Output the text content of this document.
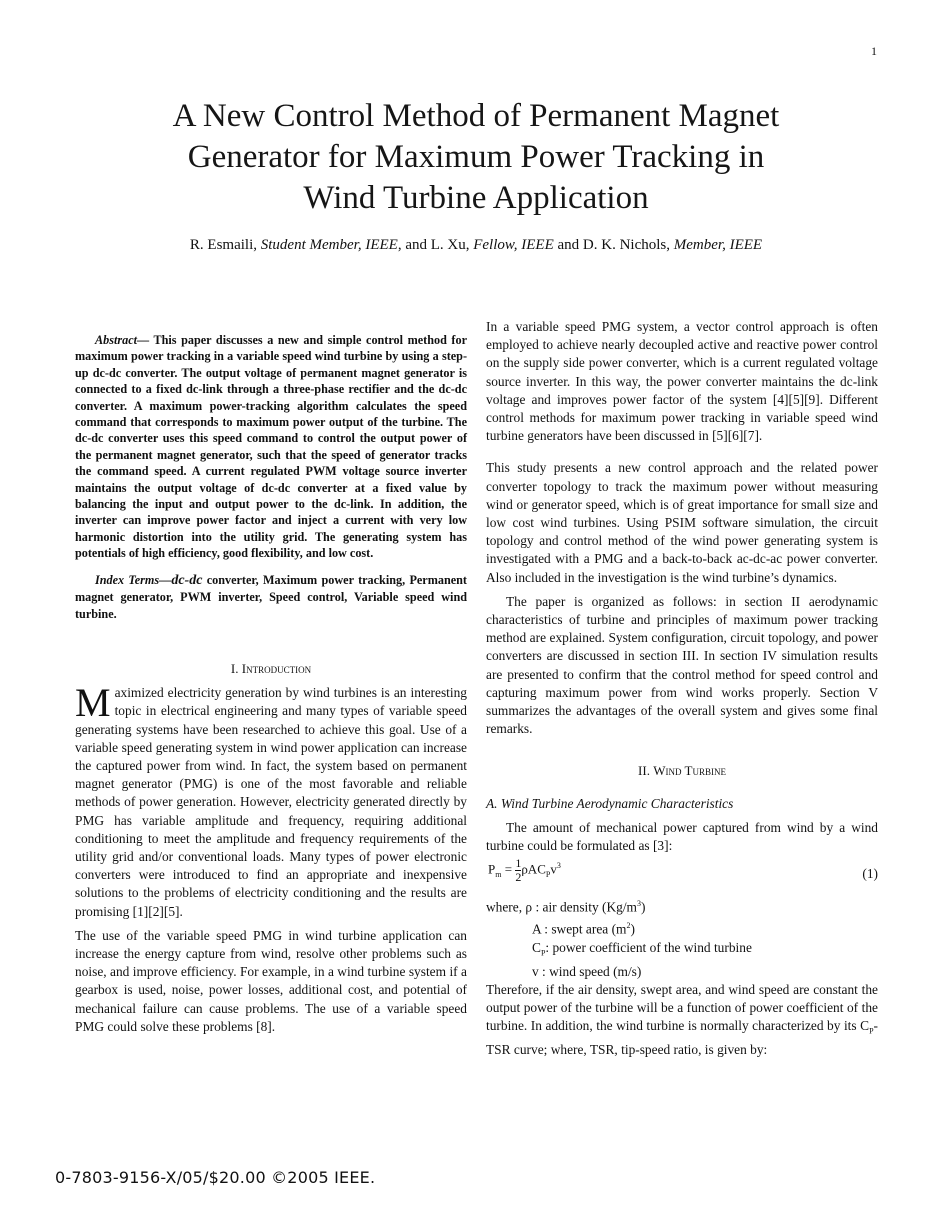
1
A New Control Method of Permanent Magnet
Generator for Maximum Power Tracking in
Wind Turbine Application
R. Esmaili, Student Member, IEEE, and L. Xu, Fellow, IEEE and D. K. Nichols, Member, IEEE

Abstract— This paper discusses a new and simple control method for maximum power tracking in a variable speed wind turbine by using a step-up dc-dc converter. The output voltage of permanent magnet generator is connected to a fixed dc-link through a three-phase rectifier and the dc-dc converter. A maximum power-tracking algorithm calculates the speed command that corresponds to maximum power output of the turbine. The dc-dc converter uses this speed command to control the output power of the permanent magnet generator, such that the speed of generator tracks the command speed. A current regulated PWM voltage source inverter maintains the output voltage of dc-dc converter at a fixed value by balancing the input and output power to the dc-link. In addition, the inverter can improve power factor and inject a current with very low harmonic distortion into the utility grid. The generating system has potentials of high efficiency, good flexibility, and low cost.

Index Terms—dc-dc converter, Maximum power tracking, Permanent magnet generator, PWM inverter, Speed control, Variable speed wind turbine.

I. Introduction

Maximized electricity generation by wind turbines is an interesting topic in electrical engineering and many types of variable speed generating systems have been researched to achieve this goal. Use of a variable speed generating system in wind power application can increase the captured power from wind. In fact, the system based on permanent magnet generator (PMG) is one of the most favorable and reliable methods of power generation. However, electricity generated directly by PMG has variable amplitude and frequency, requiring additional conditioning to meet the amplitude and frequency requirements of the utility grid and/or conventional loads. Many types of power electronic converters were introduced to find an appropriate and inexpensive solutions to the problems of electricity conditioning and the results are promising [1][2][5].

The use of the variable speed PMG in wind turbine application can increase the energy capture from wind, resolve other problems such as noise, and improve efficiency. For example, in a wind turbine system if a gearbox is used, noise, power losses, additional cost, and potential of mechanical failure can cause problems. The use of a variable speed PMG could solve these problems [8].

In a variable speed PMG system, a vector control approach is often employed to achieve nearly decoupled active and reactive power control on the supply side power converter, which is a current regulated voltage source inverter. In this way, the power converter maintains the dc-link voltage and improves power factor of the system [4][5][9]. Different control methods for maximum power tracking in variable speed wind turbine generators have been discussed in [5][6][7].

This study presents a new control approach and the related power converter topology to track the maximum power without measuring wind or generator speed, which is of great importance for small size and low cost wind turbines. Using PSIM software simulation, the circuit topology and control method of the wind power generating system is investigated with a PMG and a back-to-back ac-dc-ac power converter. Also included in the investigation is the wind turbine’s dynamics.

The paper is organized as follows: in section II aerodynamic characteristics of turbine and principles of maximum power tracking method are explained. System configuration, circuit topology, and power converters are discussed in section III. In section IV simulation results are presented to confirm that the control method for speed control and capturing maximum power from wind works properly. Section V summarizes the advantages of the overall system and gives some final remarks.

II. Wind Turbine

A. Wind Turbine Aerodynamic Characteristics

The amount of mechanical power captured from wind by a wind turbine could be formulated as [3]:

$P_m = \frac{1}{2} \rho AC_Pv^3$
(1)
where, ρ : air density $(Kg/m^3)$
A : swept area $(m^2)$
$C_P$: power coefficient of the wind turbine
v : wind speed (m/s)

Therefore, if the air density, swept area, and wind speed are constant the output power of the turbine will be a function of power coefficient of the turbine. In addition, the wind turbine is normally characterized by its $C_P$-TSR curve; where, TSR, tip-speed ratio, is given by:

0-7803-9156-X/05/$20.00 ©2005 IEEE.
